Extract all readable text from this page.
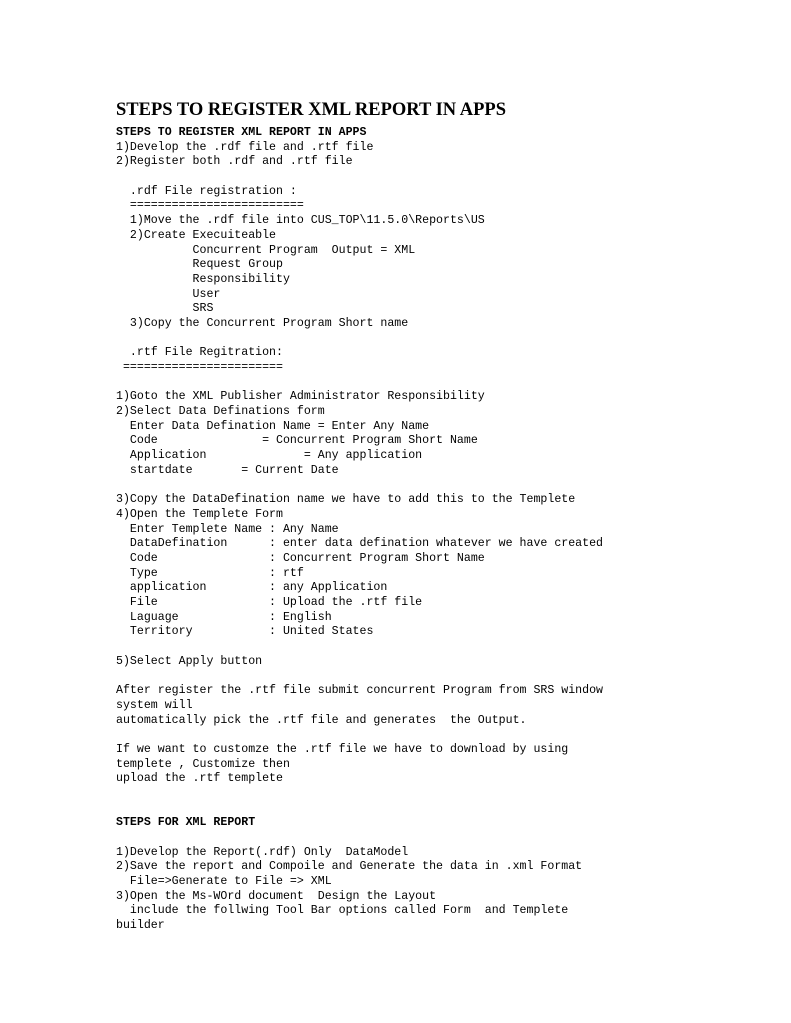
STEPS TO REGISTER XML REPORT IN APPS
STEPS TO REGISTER XML REPORT IN APPS
1)Develop the .rdf file and .rtf file
2)Register both .rdf and .rtf file

.rdf File registration :
=========================
1)Move the .rdf file into CUS_TOP\11.5.0\Reports\US
2)Create Execuiteable
Concurrent Program  Output = XML
Request Group
Responsibility
User
SRS
3)Copy the Concurrent Program Short name

.rtf File Regitration:
=======================

1)Goto the XML Publisher Administrator Responsibility
2)Select Data Definations form
Enter Data Defination Name = Enter Any Name
Code               = Concurrent Program Short Name
Application              = Any application
startdate       = Current Date

3)Copy the DataDefination name we have to add this to the Templete
4)Open the Templete Form
Enter Templete Name : Any Name
DataDefination      : enter data defination whatever we have created
Code                : Concurrent Program Short Name
Type                : rtf
application         : any Application
File                : Upload the .rtf file
Laguage             : English
Territory           : United States

5)Select Apply button

After register the .rtf file submit concurrent Program from SRS window
system will
automatically pick the .rtf file and generates  the Output.

If we want to customze the .rtf file we have to download by using
templete , Customize then
upload the .rtf templete

STEPS FOR XML REPORT

1)Develop the Report(.rdf) Only  DataModel
2)Save the report and Compoile and Generate the data in .xml Format
File=>Generate to File => XML
3)Open the Ms-WOrd document  Design the Layout
include the follwing Tool Bar options called Form  and Templete
builder
